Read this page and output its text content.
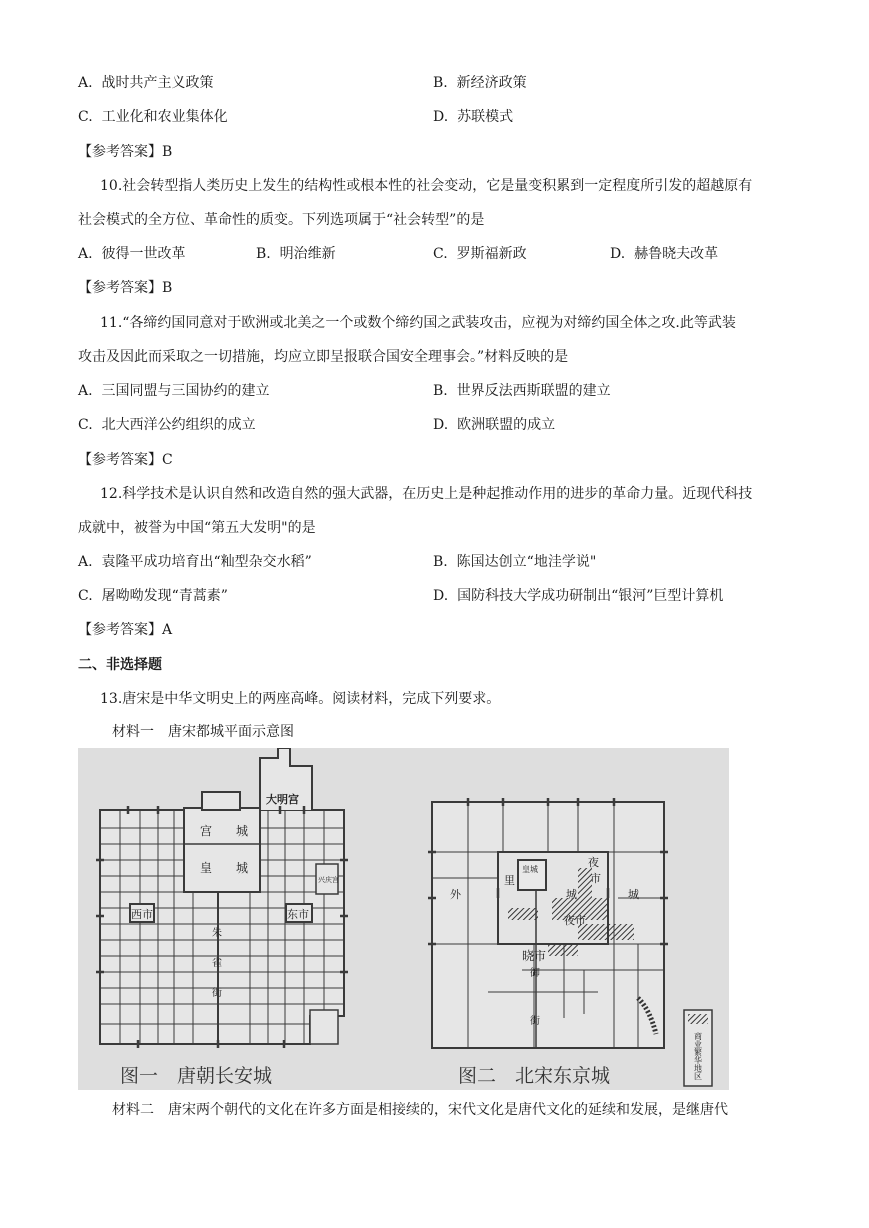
A. 战时共产主义政策	B. 新经济政策
C. 工业化和农业集体化	D. 苏联模式
【参考答案】B
10.社会转型指人类历史上发生的结构性或根本性的社会变动，它是量变积累到一定程度所引发的超越原有
社会模式的全方位、革命性的质变。下列选项属于“社会转型”的是
A. 彼得一世改革	B. 明治维新	C. 罗斯福新政	D. 赫鲁晓夫改革
【参考答案】B
11.“各缔约国同意对于欧洲或北美之一个或数个缔约国之武装攻击，应视为对缔约国全体之攻.此等武装
攻击及因此而采取之一切措施，均应立即呈报联合国安全理事会。”材料反映的是
A. 三国同盟与三国协约的建立	B. 世界反法西斯联盟的建立
C. 北大西洋公约组织的成立	D. 欧洲联盟的成立
【参考答案】C
12.科学技术是认识自然和改造自然的强大武器，在历史上是种起推动作用的进步的革命力量。近现代科技
成就中，被誉为中国“第五大发明"的是
A. 袁隆平成功培育出“籼型杂交水稻”	B. 陈国达创立“地洼学说"
C. 屠呦呦发现“青蒿素”	D. 国防科技大学成功研制出“银河”巨型计算机
【参考答案】A
二、非选择题
13.唐宋是中华文明史上的两座高峰。阅读材料，完成下列要求。
材料一　唐宋都城平面示意图
大明宫
宫 城
皇 城
兴庆宫
西市	东市
朱
雀
街
图一　唐朝长安城
外
里
皇城
夜
市
城	城
夜市
晓市
御
街
图二　北宋东京城	商业繁华地区
材料二　唐宋两个朝代的文化在许多方面是相接续的，宋代文化是唐代文化的延续和发展，是继唐代
